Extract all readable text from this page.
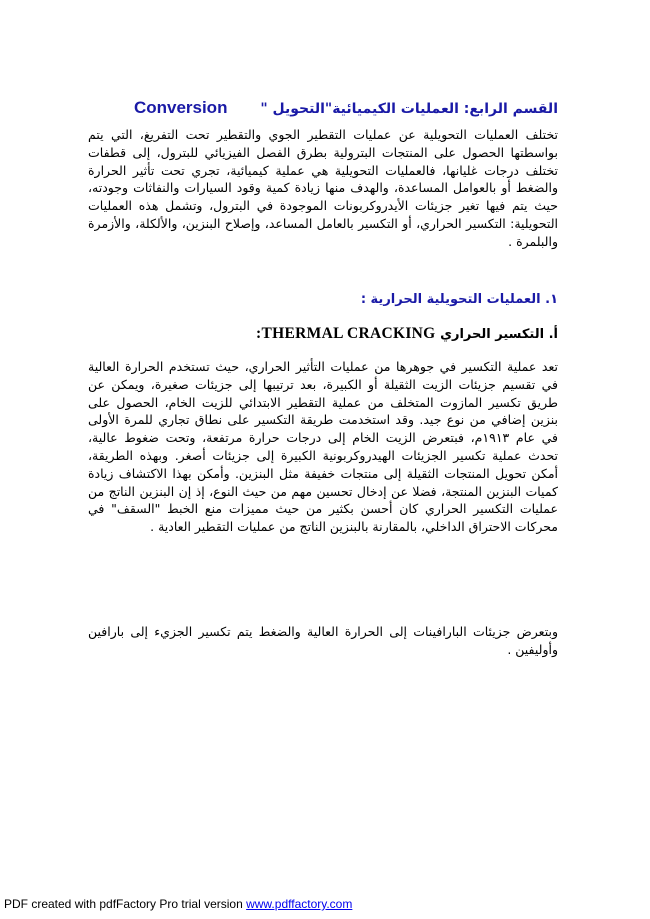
القسم الرابع: العمليات الكيميائية"التحويل " Conversion

تختلف العمليات التحويلية عن عمليات التقطير الجوي والتقطير تحت التفريغ، التي يتم بواسطتها الحصول على المنتجات البترولية بطرق الفصل الفيزيائي للبترول، إلى قطفات تختلف درجات غليانها، فالعمليات التحويلية هي عملية كيميائية، تجري تحت تأثير الحرارة والضغط أو بالعوامل المساعدة، والهدف منها زيادة كمية وقود السيارات والنفاثات وجودته، حيث يتم فيها تغير جزيئات الأيدروكربونات الموجودة في البترول، وتشمل هذه العمليات التحويلية: التكسير الحراري، أو التكسير بالعامل المساعد، وإصلاح البنزين، والألكلة، والأزمرة والبلمرة .

١. العمليات التحويلية الحرارية :
أ. التكسير الحراري THERMAL CRACKING:

تعد عملية التكسير في جوهرها من عمليات التأثير الحراري، حيث تستخدم الحرارة العالية في تقسيم جزيئات الزيت الثقيلة أو الكبيرة، بعد ترتيبها إلى جزيئات صغيرة، ويمكن عن طريق تكسير المازوت المتخلف من عملية التقطير الابتدائي للزيت الخام، الحصول على بنزين إضافي من نوع جيد. وقد استخدمت طريقة التكسير على نطاق تجاري للمرة الأولى في عام ١٩١٣م، فبتعرض الزيت الخام إلى درجات حرارة مرتفعة، وتحت ضغوط عالية، تحدث عملية تكسير الجزيئات الهيدروكربونية الكبيرة إلى جزيئات أصغر. وبهذه الطريقة، أمكن تحويل المنتجات الثقيلة إلى منتجات خفيفة مثل البنزين. وأمكن بهذا الاكتشاف زيادة كميات البنزين المنتجة، فضلا عن إدخال تحسين مهم من حيث النوع، إذ إن البنزين الناتج من عمليات التكسير الحراري كان أحسن بكثير من حيث مميزات منع الخبط "السقف" في محركات الاحتراق الداخلي، بالمقارنة بالبنزين الناتج من عمليات التقطير العادية .

وبتعرض جزيئات البارافينات إلى الحرارة العالية والضغط يتم تكسير الجزيء إلى بارافين وأوليفين .

PDF created with pdfFactory Pro trial version www.pdffactory.com
